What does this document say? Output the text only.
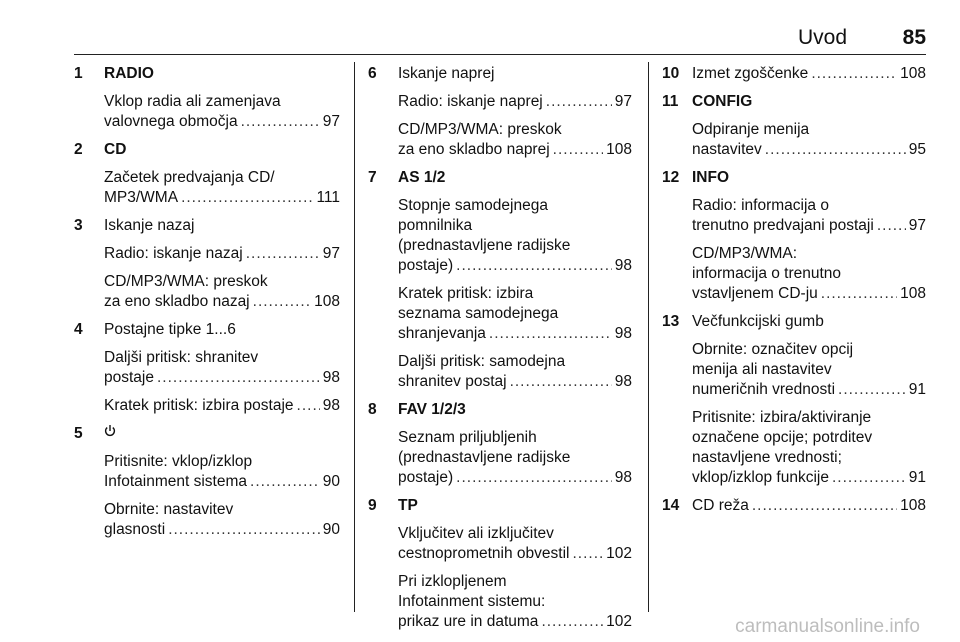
Uvod	85
1 RADIO
Vklop radia ali zamenjava
valovnega območja .....	97
2 CD
Začetek predvajanja CD/
MP3/WMA .....	111
3 Iskanje nazaj
Radio: iskanje nazaj .....	97
CD/MP3/WMA: preskok
za eno skladbo nazaj .....	108
4 Postajne tipke 1...6
Daljši pritisk: shranitev
postaje .....	98
Kratek pritisk: izbira postaje ..... 98
5
Pritisnite: vklop/izklop
Infotainment sistema .....	90
Obrnite: nastavitev
glasnosti .....	90
6 Iskanje naprej
Radio: iskanje naprej .....	97
CD/MP3/WMA: preskok
za eno skladbo naprej .....	108
7 AS 1/2
Stopnje samodejnega
pomnilnika
(prednastavljene radijske
postaje) .....	98
Kratek pritisk: izbira
seznama samodejnega
shranjevanja .....	98
Daljši pritisk: samodejna
shranitev postaj .....	98
8 FAV 1/2/3
Seznam priljubljenih
(prednastavljene radijske
postaje) .....	98
9 TP
Vključitev ali izključitev
cestnoprometnih obvestil ..... 102
Pri izklopljenem
Infotainment sistemu:
prikaz ure in datuma .....	102
10 Izmet zgoščenke .....	108
11 CONFIG
Odpiranje menija
nastavitev .....	95
12 INFO
Radio: informacija o
trenutno predvajani postaji ..... 97
CD/MP3/WMA:
informacija o trenutno
vstavljenem CD-ju .....	108
13 Večfunkcijski gumb
Obrnite: označitev opcij
menija ali nastavitev
numeričnih vrednosti .....	91
Pritisnite: izbira/aktiviranje
označene opcije; potrditev
nastavljene vrednosti;
vklop/izklop funkcije .....	91
14 CD reža .....	108
carmanualsonline.info
